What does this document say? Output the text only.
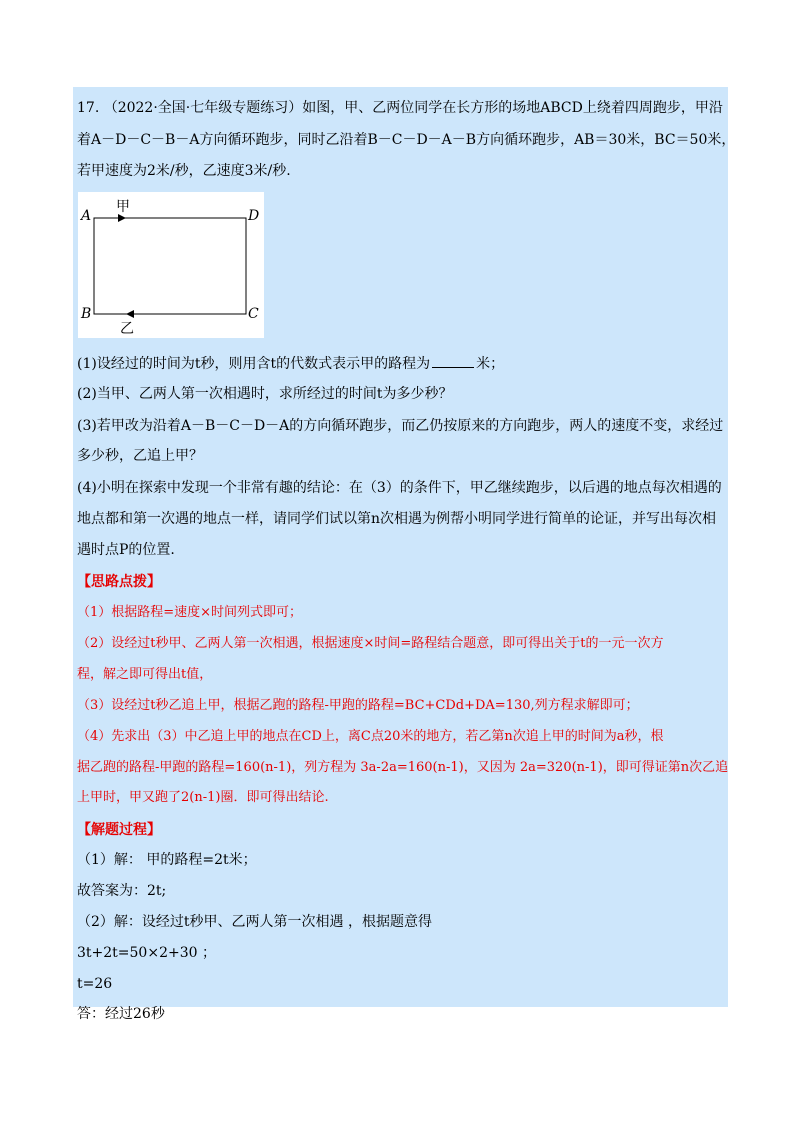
17. （2022·全国·七年级专题练习）如图，甲、乙两位同学在长方形的场地ABCD上绕着四周跑步，甲沿
着A－D－C－B－A方向循环跑步，同时乙沿着B－C－D－A－B方向循环跑步，AB＝30米，BC＝50米，
若甲速度为2米/秒，乙速度3米/秒.
A	D
B	C
甲
乙
(1)设经过的时间为t秒，则用含t的代数式表示甲的路程为	米；
(2)当甲、乙两人第一次相遇时，求所经过的时间t为多少秒？
(3)若甲改为沿着A－B－C－D－A的方向循环跑步，而乙仍按原来的方向跑步，两人的速度不变，求经过
多少秒，乙追上甲？
(4)小明在探索中发现一个非常有趣的结论：在（3）的条件下，甲乙继续跑步，以后遇的地点每次相遇的
地点都和第一次遇的地点一样，请同学们试以第n次相遇为例帮小明同学进行简单的论证，并写出每次相
遇时点P的位置.
【思路点拨】
（1）根据路程=速度×时间列式即可；
（2）设经过t秒甲、乙两人第一次相遇，根据速度×时间=路程结合题意，即可得出关于t的一元一次方
程，解之即可得出t值，
（3）设经过t秒乙追上甲，根据乙跑的路程-甲跑的路程=BC+CDd+DA=130,列方程求解即可；
（4）先求出（3）中乙追上甲的地点在CD上，离C点20米的地方，若乙第n次追上甲的时间为a秒，根
据乙跑的路程-甲跑的路程=160(n-1)，列方程为 3a-2a=160(n-1)，又因为 2a=320(n-1)，即可得证第n次乙追
上甲时，甲又跑了2(n-1)圈．即可得出结论.
【解题过程】
（1）解： 甲的路程=2t米；
故答案为：2t;
（2）解：设经过t秒甲、乙两人第一次相遇 ，根据题意得
3t+2t=50×2+30 ；
t=26
答：经过26秒
